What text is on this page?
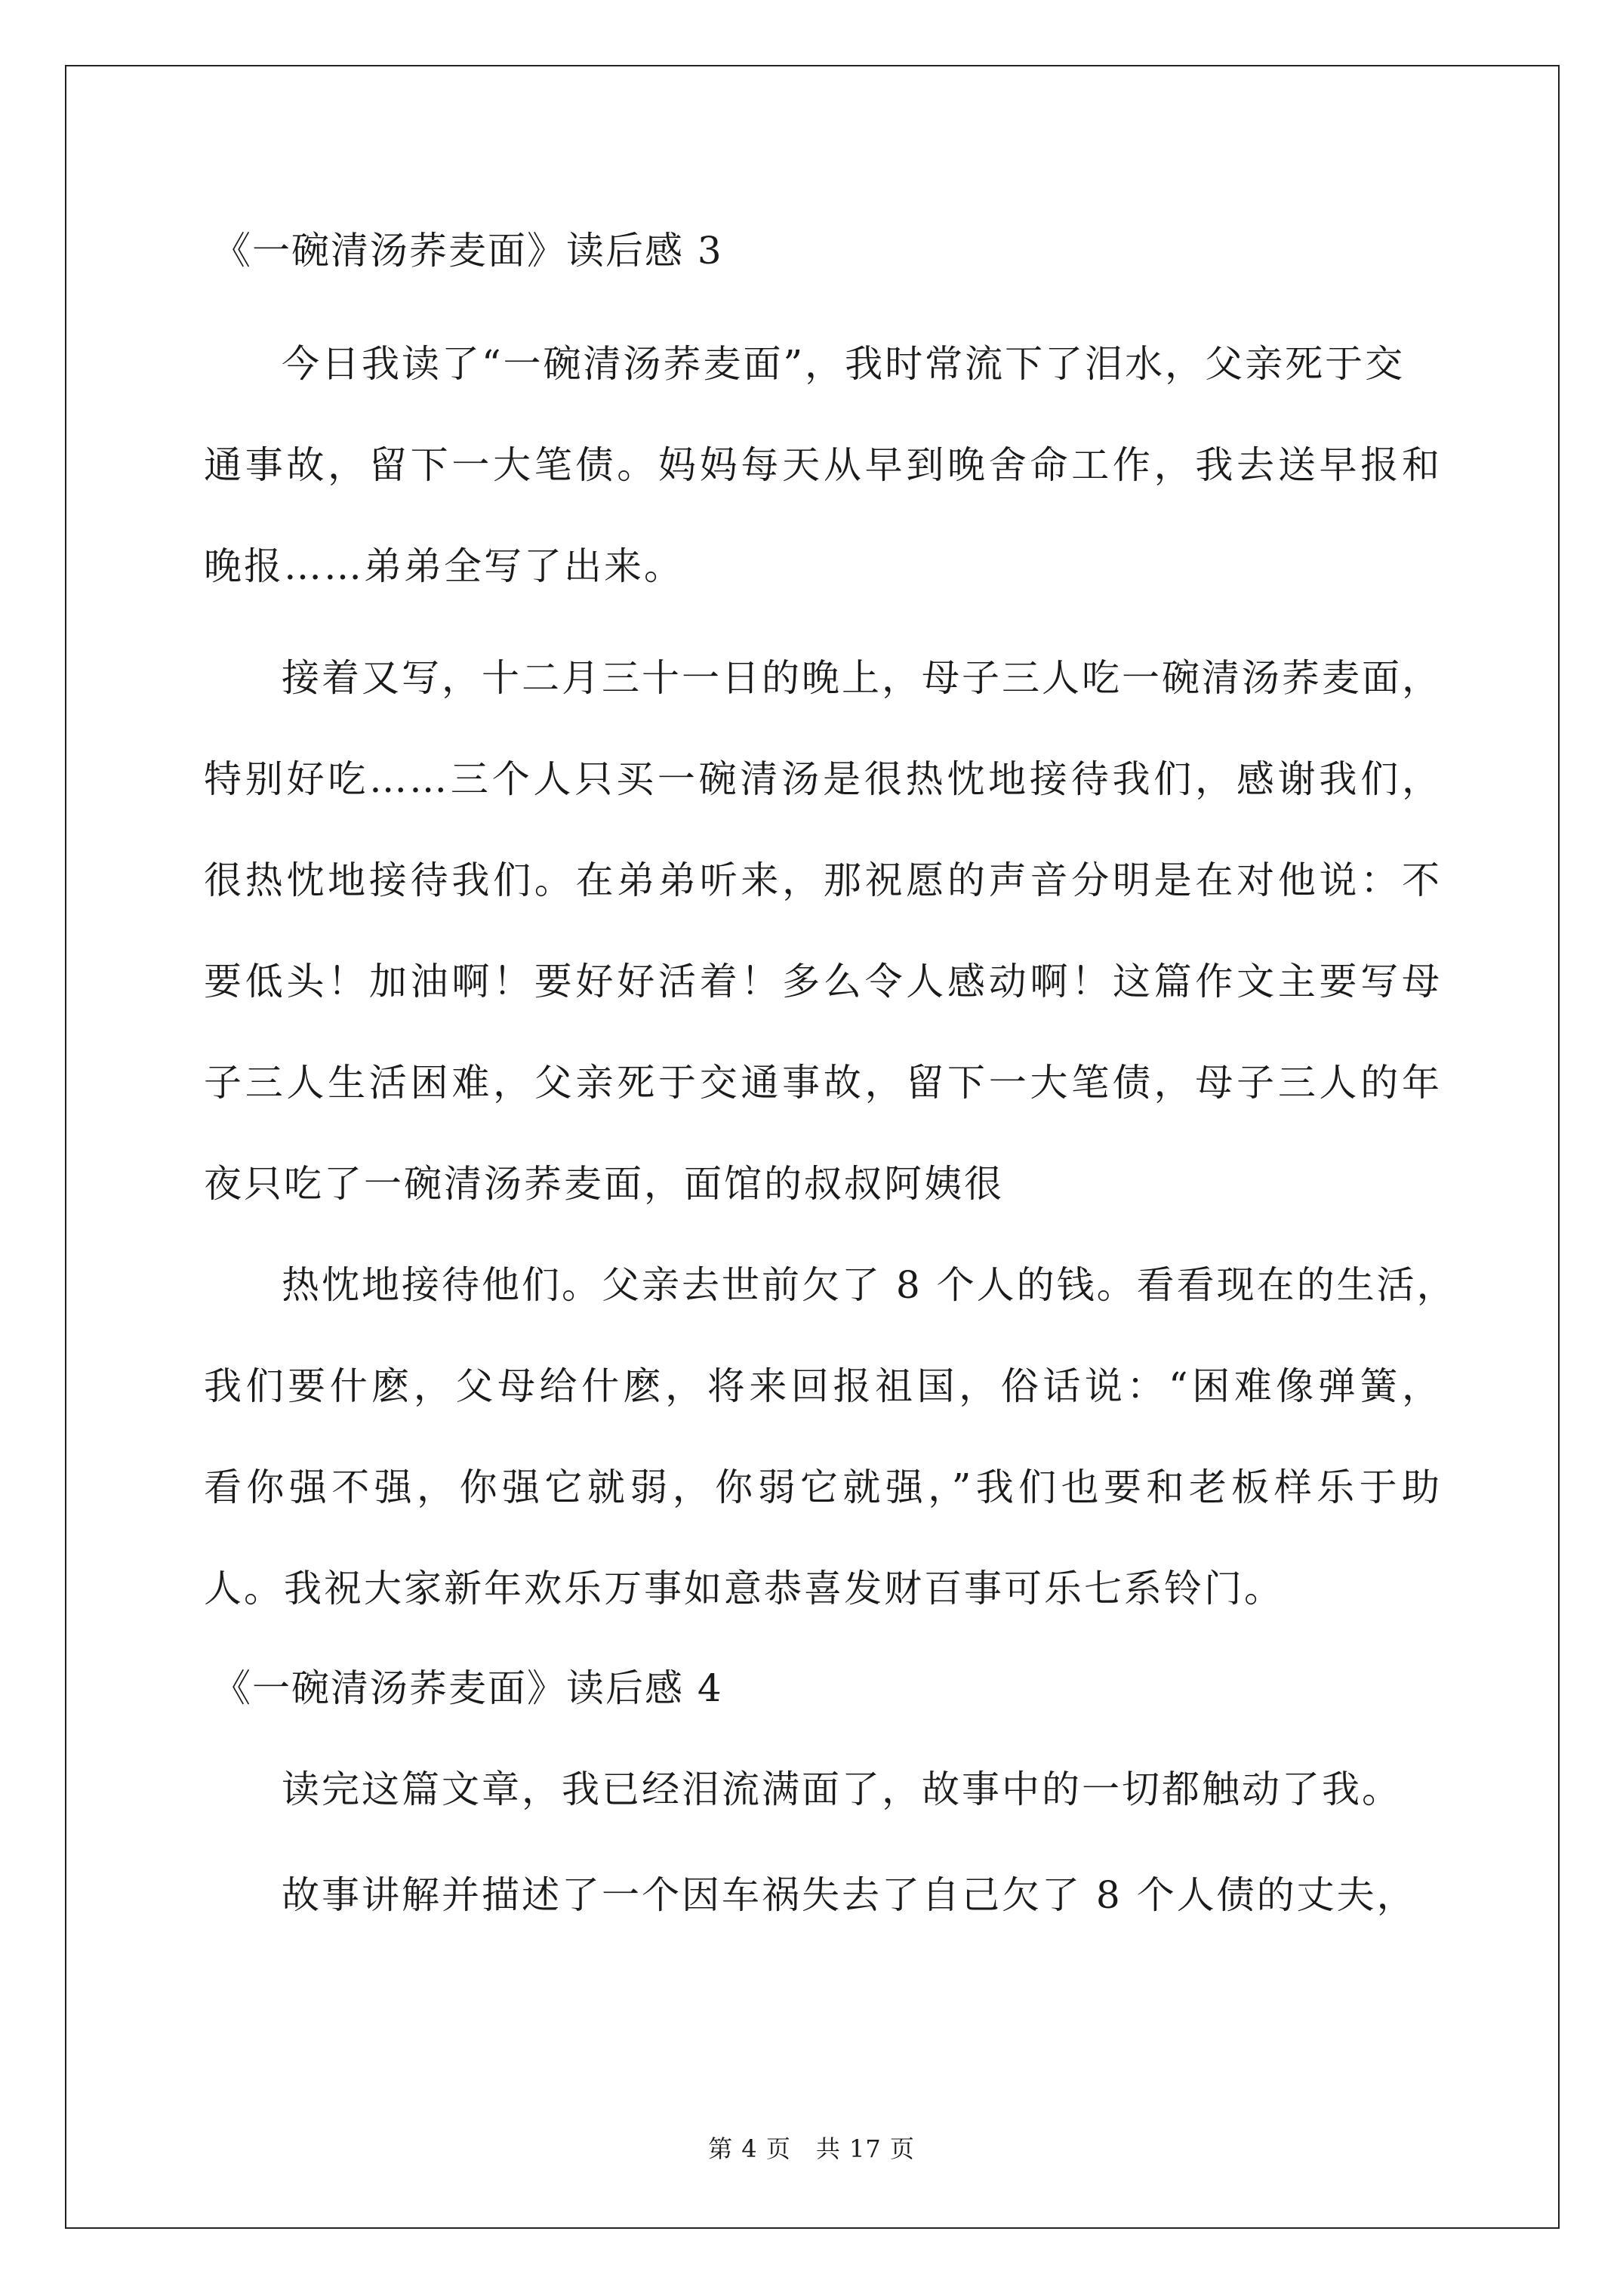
《一碗清汤荞麦面》读后感 3
今日我读了“一碗清汤荞麦面”，我时常流下了泪水，父亲死于交
通事故，留下一大笔债。妈妈每天从早到晚舍命工作，我去送早报和
晚报……弟弟全写了出来。
接着又写，十二月三十一日的晚上，母子三人吃一碗清汤荞麦面，
特别好吃……三个人只买一碗清汤是很热忱地接待我们，感谢我们，
很热忱地接待我们。在弟弟听来，那祝愿的声音分明是在对他说：不
要低头！加油啊！要好好活着！多么令人感动啊！这篇作文主要写母
子三人生活困难，父亲死于交通事故，留下一大笔债，母子三人的年
夜只吃了一碗清汤荞麦面，面馆的叔叔阿姨很
热忱地接待他们。父亲去世前欠了 8 个人的钱。看看现在的生活，
我们要什麽，父母给什麽，将来回报祖国，俗话说：“困难像弹簧，
看你强不强，你强它就弱，你弱它就强，”我们也要和老板样乐于助
人。我祝大家新年欢乐万事如意恭喜发财百事可乐七系铃门。
《一碗清汤荞麦面》读后感 4
读完这篇文章，我已经泪流满面了，故事中的一切都触动了我。
故事讲解并描述了一个因车祸失去了自己欠了 8 个人债的丈夫，
第 4 页　共 17 页
